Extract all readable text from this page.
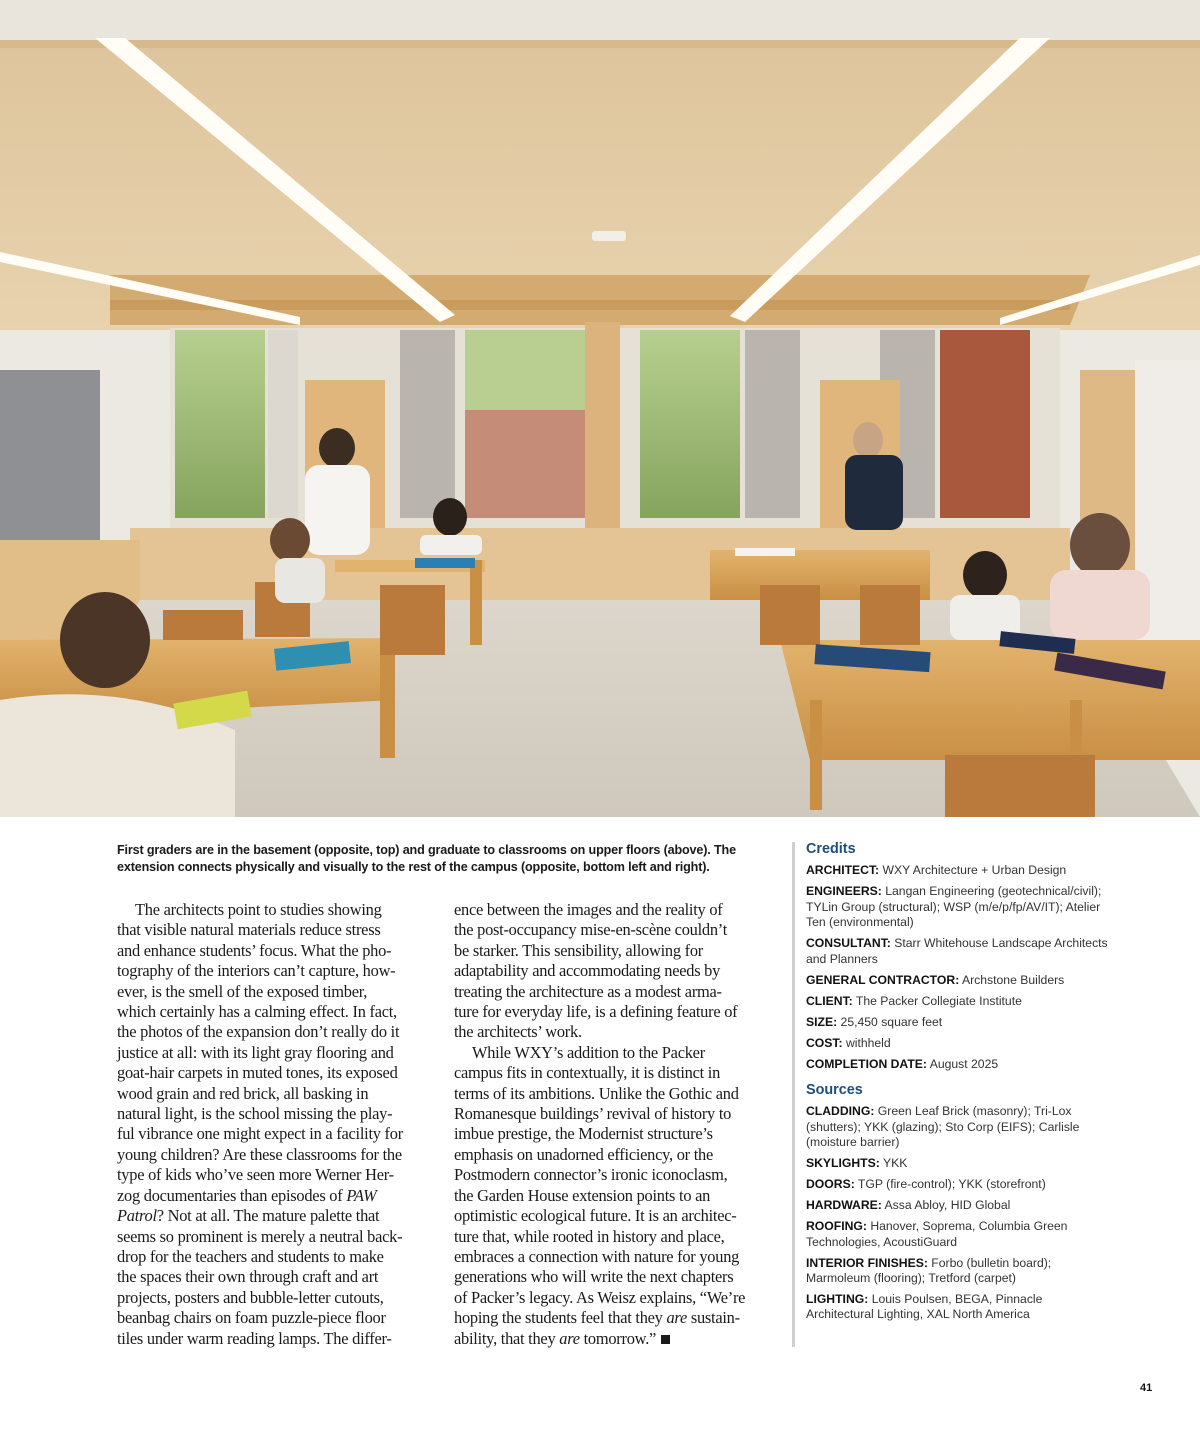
First graders are in the basement (opposite, top) and graduate to classrooms on upper floors (above). The extension connects physically and visually to the rest of the campus (opposite, bottom left and right).

The architects point to studies showing
that visible natural materials reduce stress
and enhance students’ focus. What the pho-
tography of the interiors can’t capture, how-
ever, is the smell of the exposed timber,
which certainly has a calming effect. In fact,
the photos of the expansion don’t really do it
justice at all: with its light gray flooring and
goat-hair carpets in muted tones, its exposed
wood grain and red brick, all basking in
natural light, is the school missing the play-
ful vibrance one might expect in a facility for
young children? Are these classrooms for the
type of kids who’ve seen more Werner Her-
zog documentaries than episodes of PAW
Patrol? Not at all. The mature palette that
seems so prominent is merely a neutral back-
drop for the teachers and students to make
the spaces their own through craft and art
projects, posters and bubble-letter cutouts,
beanbag chairs on foam puzzle-piece floor
tiles under warm reading lamps. The differ-
ence between the images and the reality of
the post-occupancy mise-en-scène couldn’t
be starker. This sensibility, allowing for
adaptability and accommodating needs by
treating the architecture as a modest arma-
ture for everyday life, is a defining feature of
the architects’ work.
While WXY’s addition to the Packer
campus fits in contextually, it is distinct in
terms of its ambitions. Unlike the Gothic and
Romanesque buildings’ revival of history to
imbue prestige, the Modernist structure’s
emphasis on unadorned efficiency, or the
Postmodern connector’s ironic iconoclasm,
the Garden House extension points to an
optimistic ecological future. It is an architec-
ture that, while rooted in history and place,
embraces a connection with nature for young
generations who will write the next chapters
of Packer’s legacy. As Weisz explains, “We’re
hoping the students feel that they are sustain-
ability, that they are tomorrow.”
Credits
ARCHITECT: WXY Architecture + Urban Design
ENGINEERS: Langan Engineering (geotechnical/civil); TYLin Group (structural); WSP (m/e/p/fp/AV/IT); Atelier Ten (environmental)
CONSULTANT: Starr Whitehouse Landscape Architects and Planners
GENERAL CONTRACTOR: Archstone Builders
CLIENT: The Packer Collegiate Institute
SIZE: 25,450 square feet
COST: withheld
COMPLETION DATE: August 2025
Sources
CLADDING: Green Leaf Brick (masonry); Tri-Lox (shutters); YKK (glazing); Sto Corp (EIFS); Carlisle (moisture barrier)
SKYLIGHTS: YKK
DOORS: TGP (fire-control); YKK (storefront)
HARDWARE: Assa Abloy, HID Global
ROOFING: Hanover, Soprema, Columbia Green Technologies, AcoustiGuard
INTERIOR FINISHES: Forbo (bulletin board); Marmoleum (flooring); Tretford (carpet)
LIGHTING: Louis Poulsen, BEGA, Pinnacle Architectural Lighting, XAL North America
41
